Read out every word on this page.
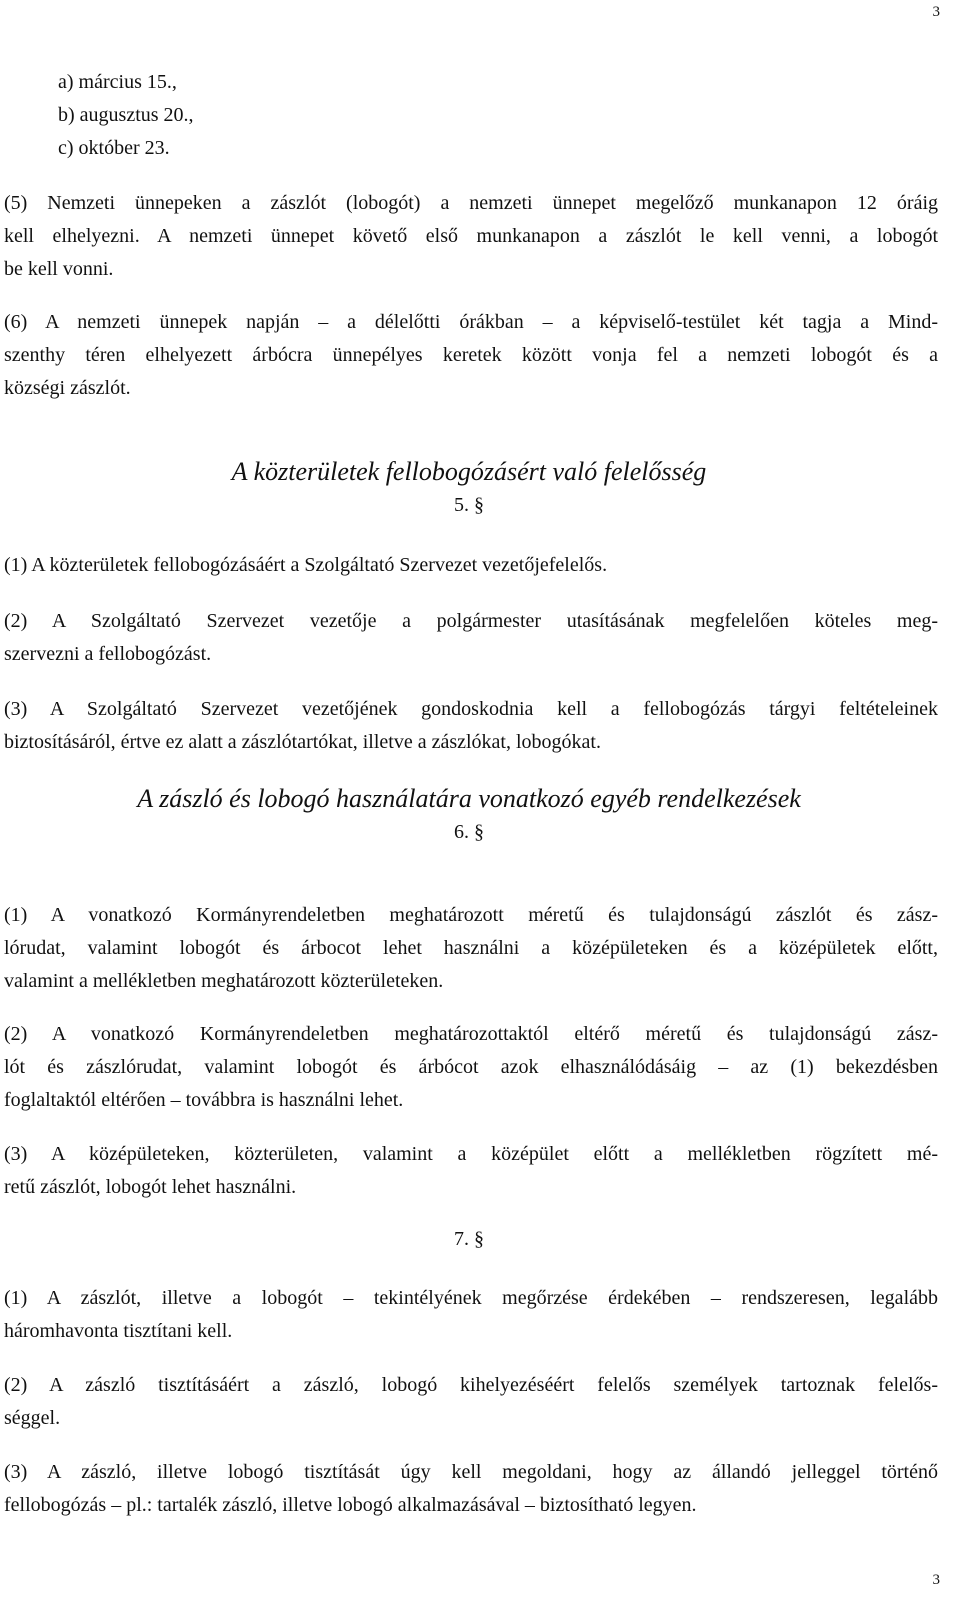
3
a) március 15.,
b) augusztus 20.,
c) október 23.
(5) Nemzeti ünnepeken a zászlót (lobogót) a nemzeti ünnepet megelőző munkanapon 12 óráig
kell elhelyezni. A nemzeti ünnepet követő első munkanapon a zászlót le kell venni, a lobogót
be kell vonni.
(6) A nemzeti ünnepek napján – a délelőtti órákban – a képviselő-testület két tagja a Mind-
szenthy téren elhelyezett árbócra ünnepélyes keretek között vonja fel a nemzeti lobogót és a
községi zászlót.
A közterületek fellobogózásért való felelősség
5. §
(1) A közterületek fellobogózásáért a Szolgáltató Szervezet vezetőjefelelős.
(2) A Szolgáltató Szervezet vezetője a polgármester utasításának megfelelően köteles meg-
szervezni a fellobogózást.
(3) A Szolgáltató Szervezet vezetőjének gondoskodnia kell a fellobogózás tárgyi feltételeinek
biztosításáról, értve ez alatt a zászlótartókat, illetve a zászlókat, lobogókat.
A zászló és lobogó használatára vonatkozó egyéb rendelkezések
6. §
(1) A vonatkozó Kormányrendeletben meghatározott méretű és tulajdonságú zászlót és zász-
lórudat, valamint lobogót és árbocot lehet használni a középületeken és a középületek előtt,
valamint a mellékletben meghatározott közterületeken.
(2) A vonatkozó Kormányrendeletben meghatározottaktól eltérő méretű és tulajdonságú zász-
lót és zászlórudat, valamint lobogót és árbócot azok elhasználódásáig – az (1) bekezdésben
foglaltaktól eltérően – továbbra is használni lehet.
(3) A középületeken, közterületen, valamint a középület előtt a mellékletben rögzített mé-
retű zászlót, lobogót lehet használni.
7. §
(1) A zászlót, illetve a lobogót – tekintélyének megőrzése érdekében – rendszeresen, legalább
háromhavonta tisztítani kell.
(2) A zászló tisztításáért a zászló, lobogó kihelyezéséért felelős személyek tartoznak felelős-
séggel.
(3) A zászló, illetve lobogó tisztítását úgy kell megoldani, hogy az állandó jelleggel történő
fellobogózás – pl.: tartalék zászló, illetve lobogó alkalmazásával – biztosítható legyen.
3
